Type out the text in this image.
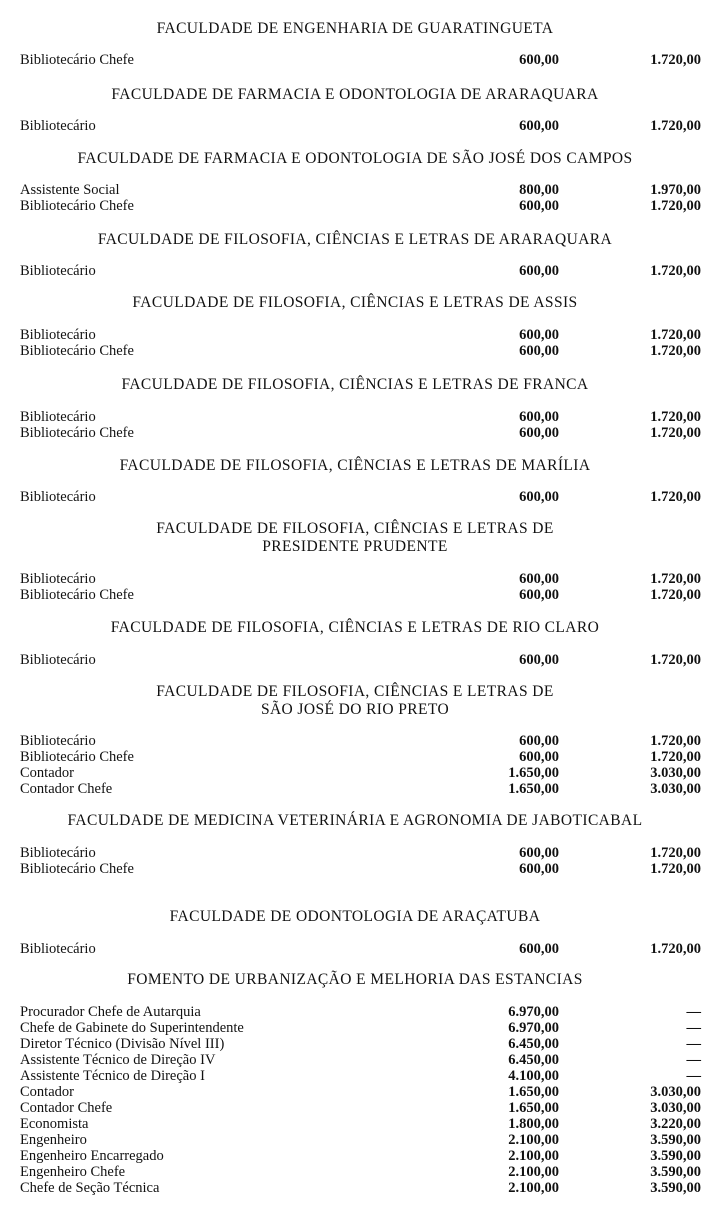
FACULDADE DE ENGENHARIA DE GUARATINGUETA
Bibliotecário Chefe	600,00	1.720,00
FACULDADE DE FARMACIA E ODONTOLOGIA DE ARARAQUARA
Bibliotecário	600,00	1.720,00
FACULDADE DE FARMACIA E ODONTOLOGIA DE SÃO JOSÉ DOS CAMPOS
Assistente Social	800,00	1.970,00
Bibliotecário Chefe	600,00	1.720,00
FACULDADE DE FILOSOFIA, CIÊNCIAS E LETRAS DE ARARAQUARA
Bibliotecário	600,00	1.720,00
FACULDADE DE FILOSOFIA, CIÊNCIAS E LETRAS DE ASSIS
Bibliotecário	600,00	1.720,00
Bibliotecário Chefe	600,00	1.720,00
FACULDADE DE FILOSOFIA, CIÊNCIAS E LETRAS DE FRANCA
Bibliotecário	600,00	1.720,00
Bibliotecário Chefe	600,00	1.720,00
FACULDADE DE FILOSOFIA, CIÊNCIAS E LETRAS DE MARÍLIA
Bibliotecário	600,00	1.720,00
FACULDADE DE FILOSOFIA, CIÊNCIAS E LETRAS DE
PRESIDENTE PRUDENTE
Bibliotecário	600,00	1.720,00
Bibliotecário Chefe	600,00	1.720,00
FACULDADE DE FILOSOFIA, CIÊNCIAS E LETRAS DE RIO CLARO
Bibliotecário	600,00	1.720,00
FACULDADE DE FILOSOFIA, CIÊNCIAS E LETRAS DE
SÃO JOSÉ DO RIO PRETO
Bibliotecário	600,00	1.720,00
Bibliotecário Chefe	600,00	1.720,00
Contador	1.650,00	3.030,00
Contador Chefe	1.650,00	3.030,00
FACULDADE DE MEDICINA VETERINÁRIA E AGRONOMIA DE JABOTICABAL
Bibliotecário	600,00	1.720,00
Bibliotecário Chefe	600,00	1.720,00
FACULDADE DE ODONTOLOGIA DE ARAÇATUBA
Bibliotecário	600,00	1.720,00
FOMENTO DE URBANIZAÇÃO E MELHORIA DAS ESTANCIAS
Procurador Chefe de Autarquia	6.970,00	—
Chefe de Gabinete do Superintendente	6.970,00	—
Diretor Técnico (Divisão Nível III)	6.450,00	—
Assistente Técnico de Direção IV	6.450,00	—
Assistente Técnico de Direção I	4.100,00	—
Contador	1.650,00	3.030,00
Contador Chefe	1.650,00	3.030,00
Economista	1.800,00	3.220,00
Engenheiro	2.100,00	3.590,00
Engenheiro Encarregado	2.100,00	3.590,00
Engenheiro Chefe	2.100,00	3.590,00
Chefe de Seção Técnica	2.100,00	3.590,00
